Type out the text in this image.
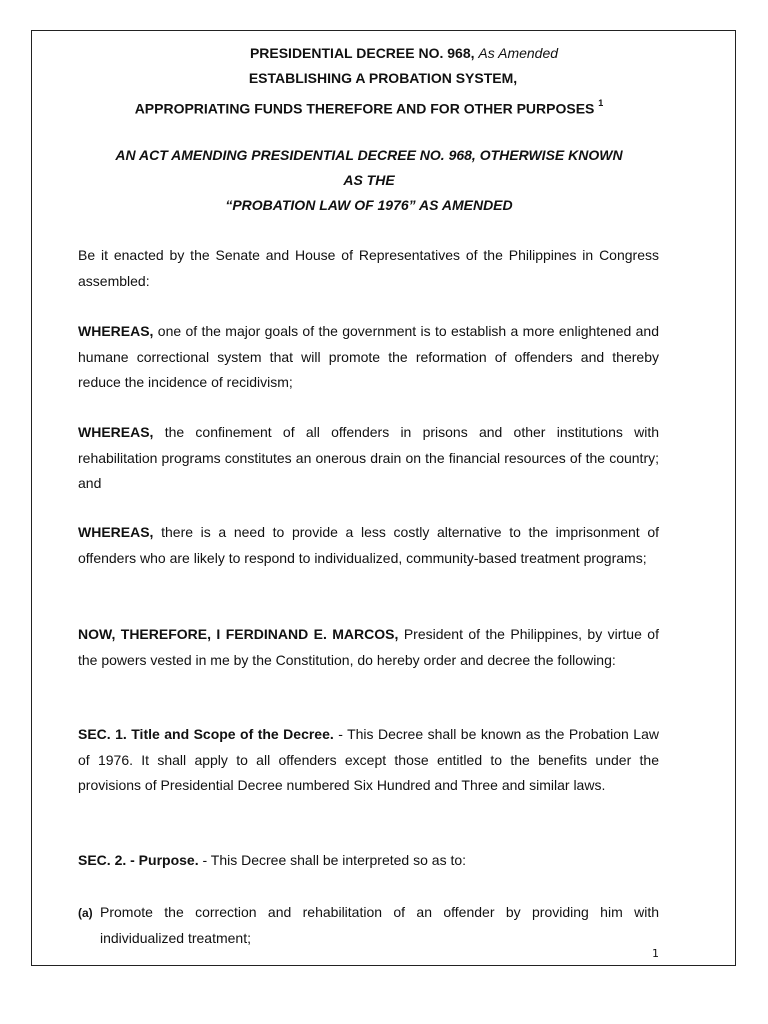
PRESIDENTIAL DECREE NO. 968, As Amended
ESTABLISHING A PROBATION SYSTEM,
APPROPRIATING FUNDS THEREFORE AND FOR OTHER PURPOSES $^1$
AN ACT AMENDING PRESIDENTIAL DECREE NO. 968, OTHERWISE KNOWN
AS THE
“PROBATION LAW OF 1976” AS AMENDED
Be it enacted by the Senate and House of Representatives of the Philippines in Congress assembled:
WHEREAS, one of the major goals of the government is to establish a more enlightened and humane correctional system that will promote the reformation of offenders and thereby reduce the incidence of recidivism;
WHEREAS, the confinement of all offenders in prisons and other institutions with rehabilitation programs constitutes an onerous drain on the financial resources of the country; and
WHEREAS, there is a need to provide a less costly alternative to the imprisonment of offenders who are likely to respond to individualized, community-based treatment programs;
NOW, THEREFORE, I FERDINAND E. MARCOS, President of the Philippines, by virtue of the powers vested in me by the Constitution, do hereby order and decree the following:
SEC. 1. Title and Scope of the Decree. - This Decree shall be known as the Probation Law of 1976. It shall apply to all offenders except those entitled to the benefits under the provisions of Presidential Decree numbered Six Hundred and Three and similar laws.
SEC. 2. - Purpose. - This Decree shall be interpreted so as to:
(a) Promote the correction and rehabilitation of an offender by providing him with individualized treatment;
1
